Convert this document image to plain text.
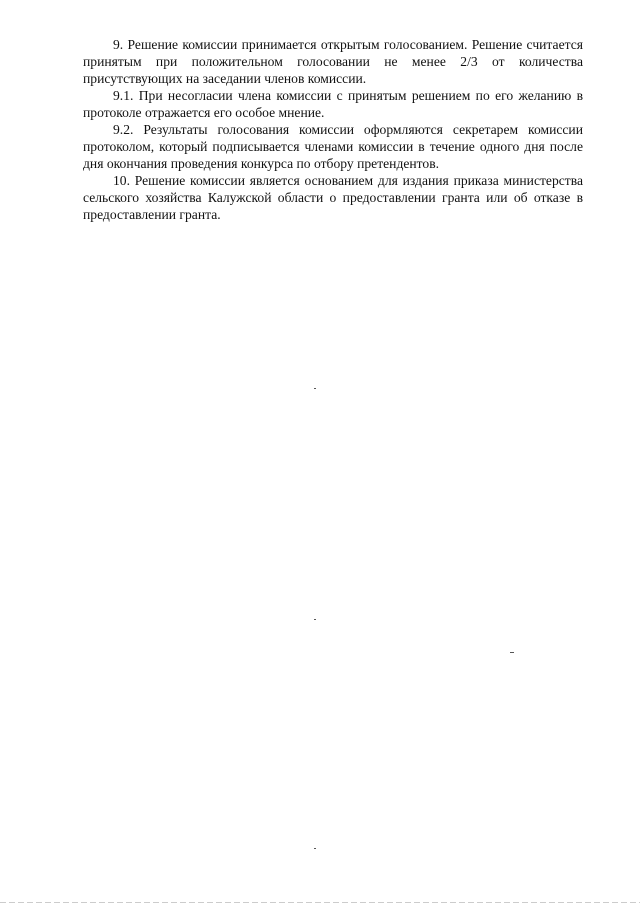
9. Решение комиссии принимается открытым голосованием. Решение считается принятым при положительном голосовании не менее 2/3 от количества присутствующих на заседании членов комиссии.

9.1. При несогласии члена комиссии с принятым решением по его желанию в протоколе отражается его особое мнение.

9.2. Результаты голосования комиссии оформляются секретарем комиссии протоколом, который подписывается членами комиссии в течение одного дня после дня окончания проведения конкурса по отбору претендентов.

10. Решение комиссии является основанием для издания приказа министерства сельского хозяйства Калужской области о предоставлении гранта или об отказе в предоставлении гранта.
